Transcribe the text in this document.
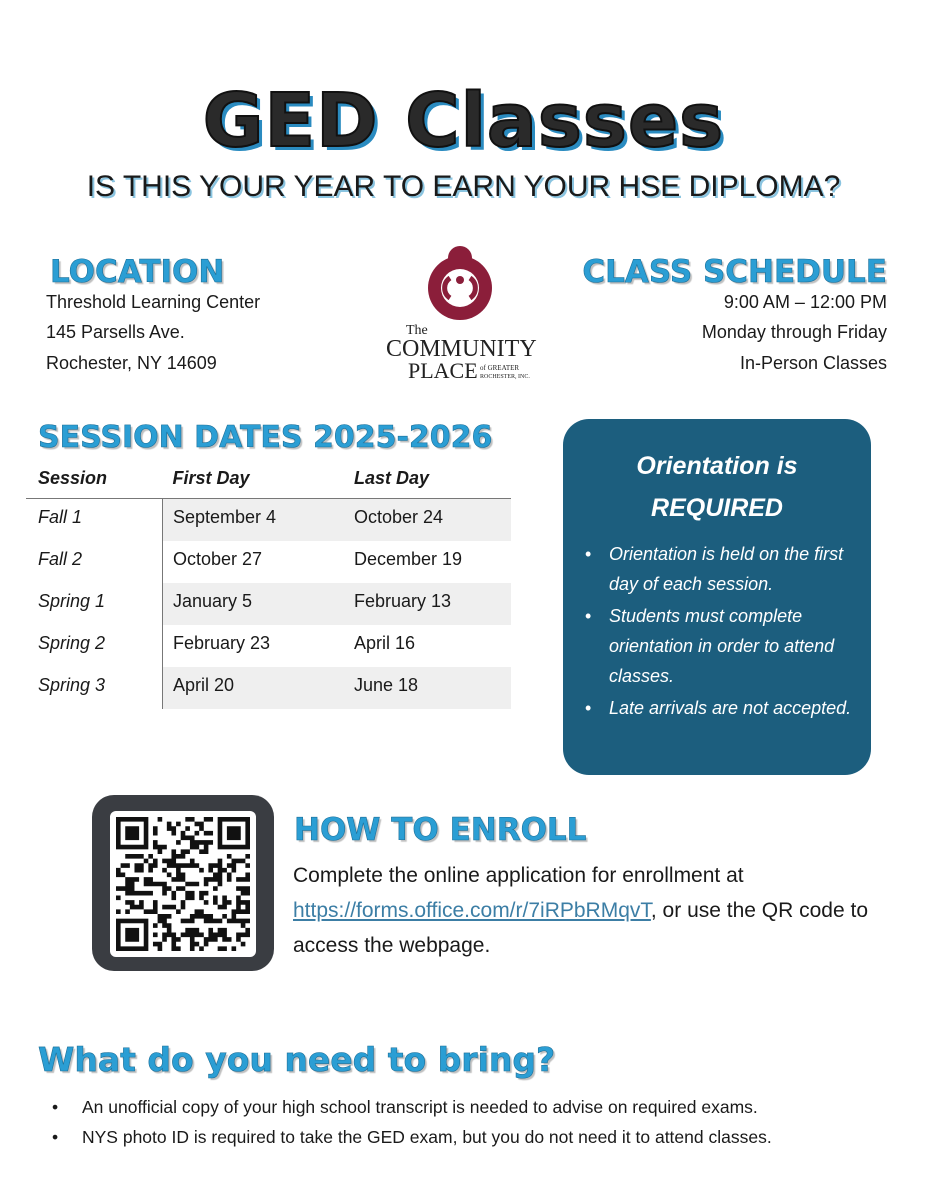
GED Classes
IS THIS YOUR YEAR TO EARN YOUR HSE DIPLOMA?
LOCATION
Threshold Learning Center
145 Parsells Ave.
Rochester, NY 14609
The
COMMUNITY
PLACE of GREATER
ROCHESTER, INC.
CLASS SCHEDULE
9:00 AM – 12:00 PM
Monday through Friday
In-Person Classes
SESSION DATES 2025-2026
Session	First Day	Last Day

Fall 1	September 4	October 24

Fall 2	October 27	December 19

Spring 1	January 5	February 13

Spring 2	February 23	April 16

Spring 3	April 20	June 18
Orientation is
REQUIRED
• Orientation is held on the first day of each session.
• Students must complete orientation in order to attend classes.
• Late arrivals are not accepted.
HOW TO ENROLL
Complete the online application for enrollment at https://forms.office.com/r/7iRPbRMqvT, or use the QR code to access the webpage.
What do you need to bring?
• An unofficial copy of your high school transcript is needed to advise on required exams.
• NYS photo ID is required to take the GED exam, but you do not need it to attend classes.
